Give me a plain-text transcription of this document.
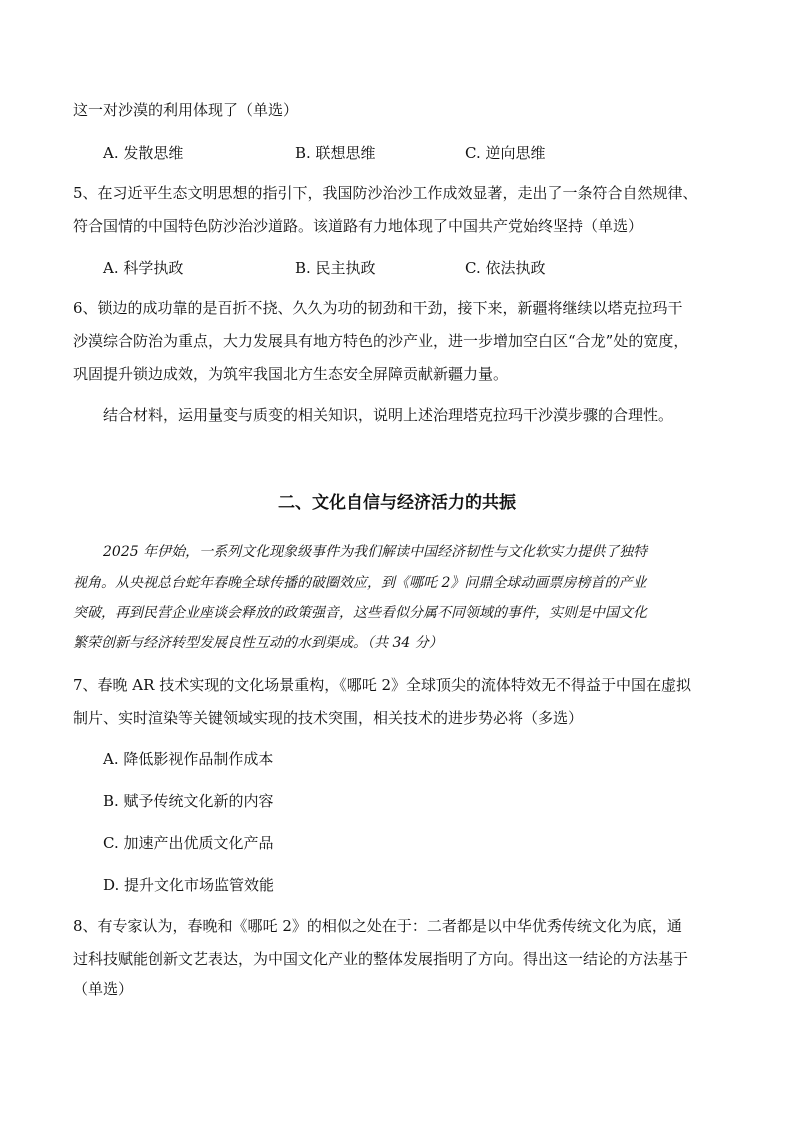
这一对沙漠的利用体现了（单选）
A. 发散思维	B. 联想思维	C. 逆向思维
5、在习近平生态文明思想的指引下，我国防沙治沙工作成效显著，走出了一条符合自然规律、
符合国情的中国特色防沙治沙道路。该道路有力地体现了中国共产党始终坚持（单选）
A. 科学执政	B. 民主执政	C. 依法执政
6、锁边的成功靠的是百折不挠、久久为功的韧劲和干劲，接下来，新疆将继续以塔克拉玛干
沙漠综合防治为重点，大力发展具有地方特色的沙产业，进一步增加空白区“合龙”处的宽度，
巩固提升锁边成效，为筑牢我国北方生态安全屏障贡献新疆力量。
结合材料，运用量变与质变的相关知识，说明上述治理塔克拉玛干沙漠步骤的合理性。
二、文化自信与经济活力的共振
2025 年伊始，一系列文化现象级事件为我们解读中国经济韧性与文化软实力提供了独特
视角。从央视总台蛇年春晚全球传播的破圈效应，到《哪吒 2》问鼎全球动画票房榜首的产业
突破，再到民营企业座谈会释放的政策强音，这些看似分属不同领域的事件，实则是中国文化
繁荣创新与经济转型发展良性互动的水到渠成。（共 34 分）
7、春晚 AR 技术实现的文化场景重构，《哪吒 2》全球顶尖的流体特效无不得益于中国在虚拟
制片、实时渲染等关键领域实现的技术突围，相关技术的进步势必将（多选）
A. 降低影视作品制作成本
B. 赋予传统文化新的内容
C. 加速产出优质文化产品
D. 提升文化市场监管效能
8、有专家认为，春晚和《哪吒 2》的相似之处在于：二者都是以中华优秀传统文化为底，通
过科技赋能创新文艺表达，为中国文化产业的整体发展指明了方向。得出这一结论的方法基于
（单选）
